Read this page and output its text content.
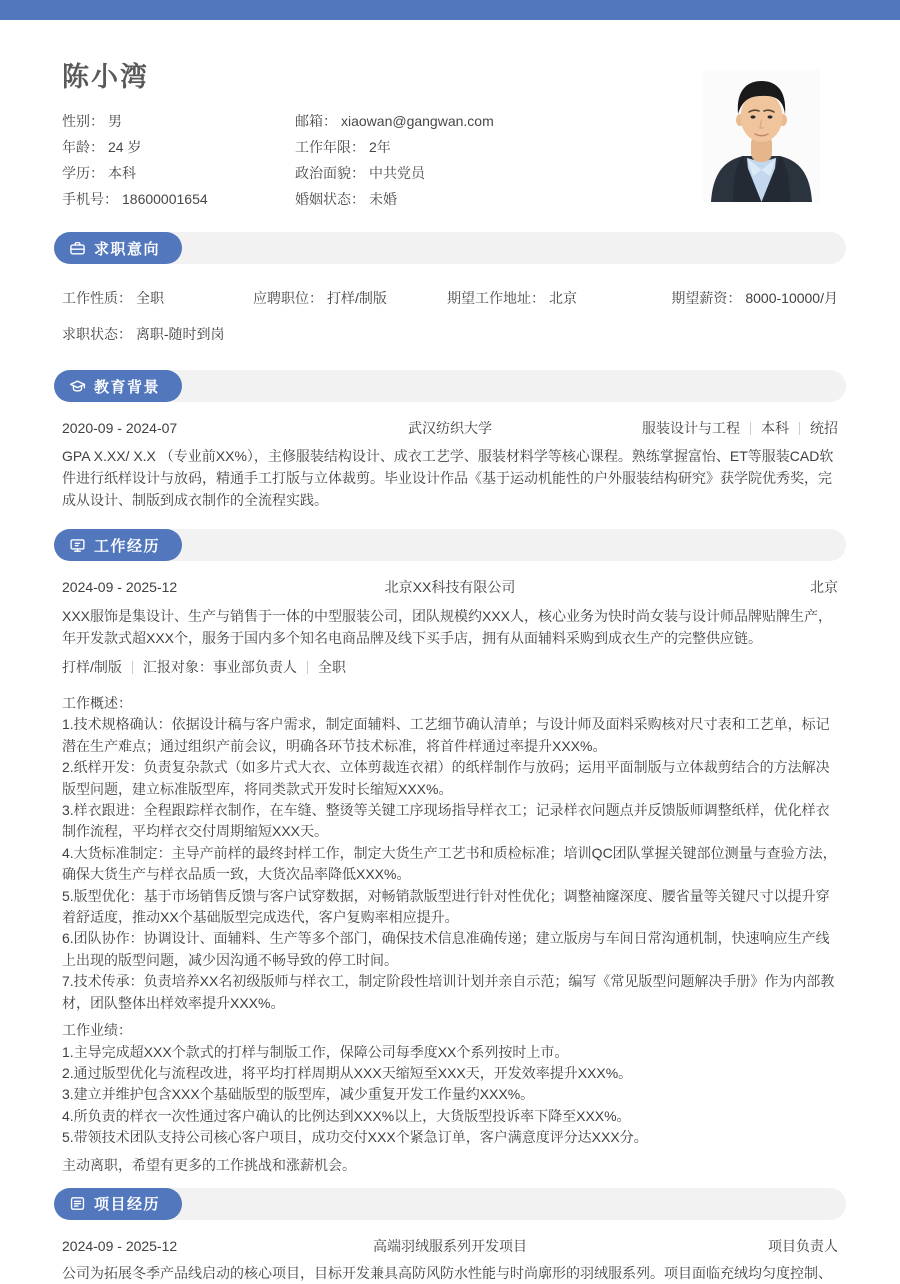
陈小湾
性别： 男
年龄： 24 岁
学历： 本科
手机号： 18600001654
邮箱： xiaowan@gangwan.com
工作年限： 2年
政治面貌： 中共党员
婚姻状态： 未婚
求职意向
工作性质： 全职	应聘职位： 打样/制版	期望工作地址： 北京	期望薪资： 8000-10000/月
求职状态： 离职-随时到岗
教育背景
2020-09 - 2024-07	武汉纺织大学	服装设计与工程 本科 统招
GPA X.XX/ X.X （专业前XX%），主修服装结构设计、成衣工艺学、服装材料学等核心课程。熟练掌握富怡、ET等服装CAD软件进行纸样设计与放码，精通手工打版与立体裁剪。毕业设计作品《基于运动机能性的户外服装结构研究》获学院优秀奖，完成从设计、制版到成衣制作的全流程实践。
工作经历
2024-09 - 2025-12	北京XX科技有限公司	北京
XXX服饰是集设计、生产与销售于一体的中型服装公司，团队规模约XXX人，核心业务为快时尚女装与设计师品牌贴牌生产，年开发款式超XXX个，服务于国内多个知名电商品牌及线下买手店，拥有从面辅料采购到成衣生产的完整供应链。
打样/制版 汇报对象：事业部负责人 全职
工作概述：
1.技术规格确认：依据设计稿与客户需求，制定面辅料、工艺细节确认清单；与设计师及面料采购核对尺寸表和工艺单，标记潜在生产难点；通过组织产前会议，明确各环节技术标准，将首件样通过率提升XXX%。
2.纸样开发：负责复杂款式（如多片式大衣、立体剪裁连衣裙）的纸样制作与放码；运用平面制版与立体裁剪结合的方法解决版型问题，建立标准版型库，将同类款式开发时长缩短XXX%。
3.样衣跟进：全程跟踪样衣制作，在车缝、整烫等关键工序现场指导样衣工；记录样衣问题点并反馈版师调整纸样，优化样衣制作流程，平均样衣交付周期缩短XXX天。
4.大货标准制定：主导产前样的最终封样工作，制定大货生产工艺书和质检标准；培训QC团队掌握关键部位测量与查验方法，确保大货生产与样衣品质一致，大货次品率降低XXX%。
5.版型优化：基于市场销售反馈与客户试穿数据，对畅销款版型进行针对性优化；调整袖窿深度、腰省量等关键尺寸以提升穿着舒适度，推动XX个基础版型完成迭代，客户复购率相应提升。
6.团队协作：协调设计、面辅料、生产等多个部门，确保技术信息准确传递；建立版房与车间日常沟通机制，快速响应生产线上出现的版型问题，减少因沟通不畅导致的停工时间。
7.技术传承：负责培养XX名初级版师与样衣工，制定阶段性培训计划并亲自示范；编写《常见版型问题解决手册》作为内部教材，团队整体出样效率提升XXX%。
工作业绩：
1.主导完成超XXX个款式的打样与制版工作，保障公司每季度XX个系列按时上市。
2.通过版型优化与流程改进，将平均打样周期从XXX天缩短至XXX天，开发效率提升XXX%。
3.建立并维护包含XXX个基础版型的版型库，减少重复开发工作量约XXX%。
4.所负责的样衣一次性通过客户确认的比例达到XXX%以上，大货版型投诉率下降至XXX%。
5.带领技术团队支持公司核心客户项目，成功交付XXX个紧急订单，客户满意度评分达XXX分。
主动离职，希望有更多的工作挑战和涨薪机会。
项目经历
2024-09 - 2025-12	高端羽绒服系列开发项目	项目负责人
公司为拓展冬季产品线启动的核心项目，目标开发兼具高防风防水性能与时尚廓形的羽绒服系列。项目面临充绒均匀度控制、
